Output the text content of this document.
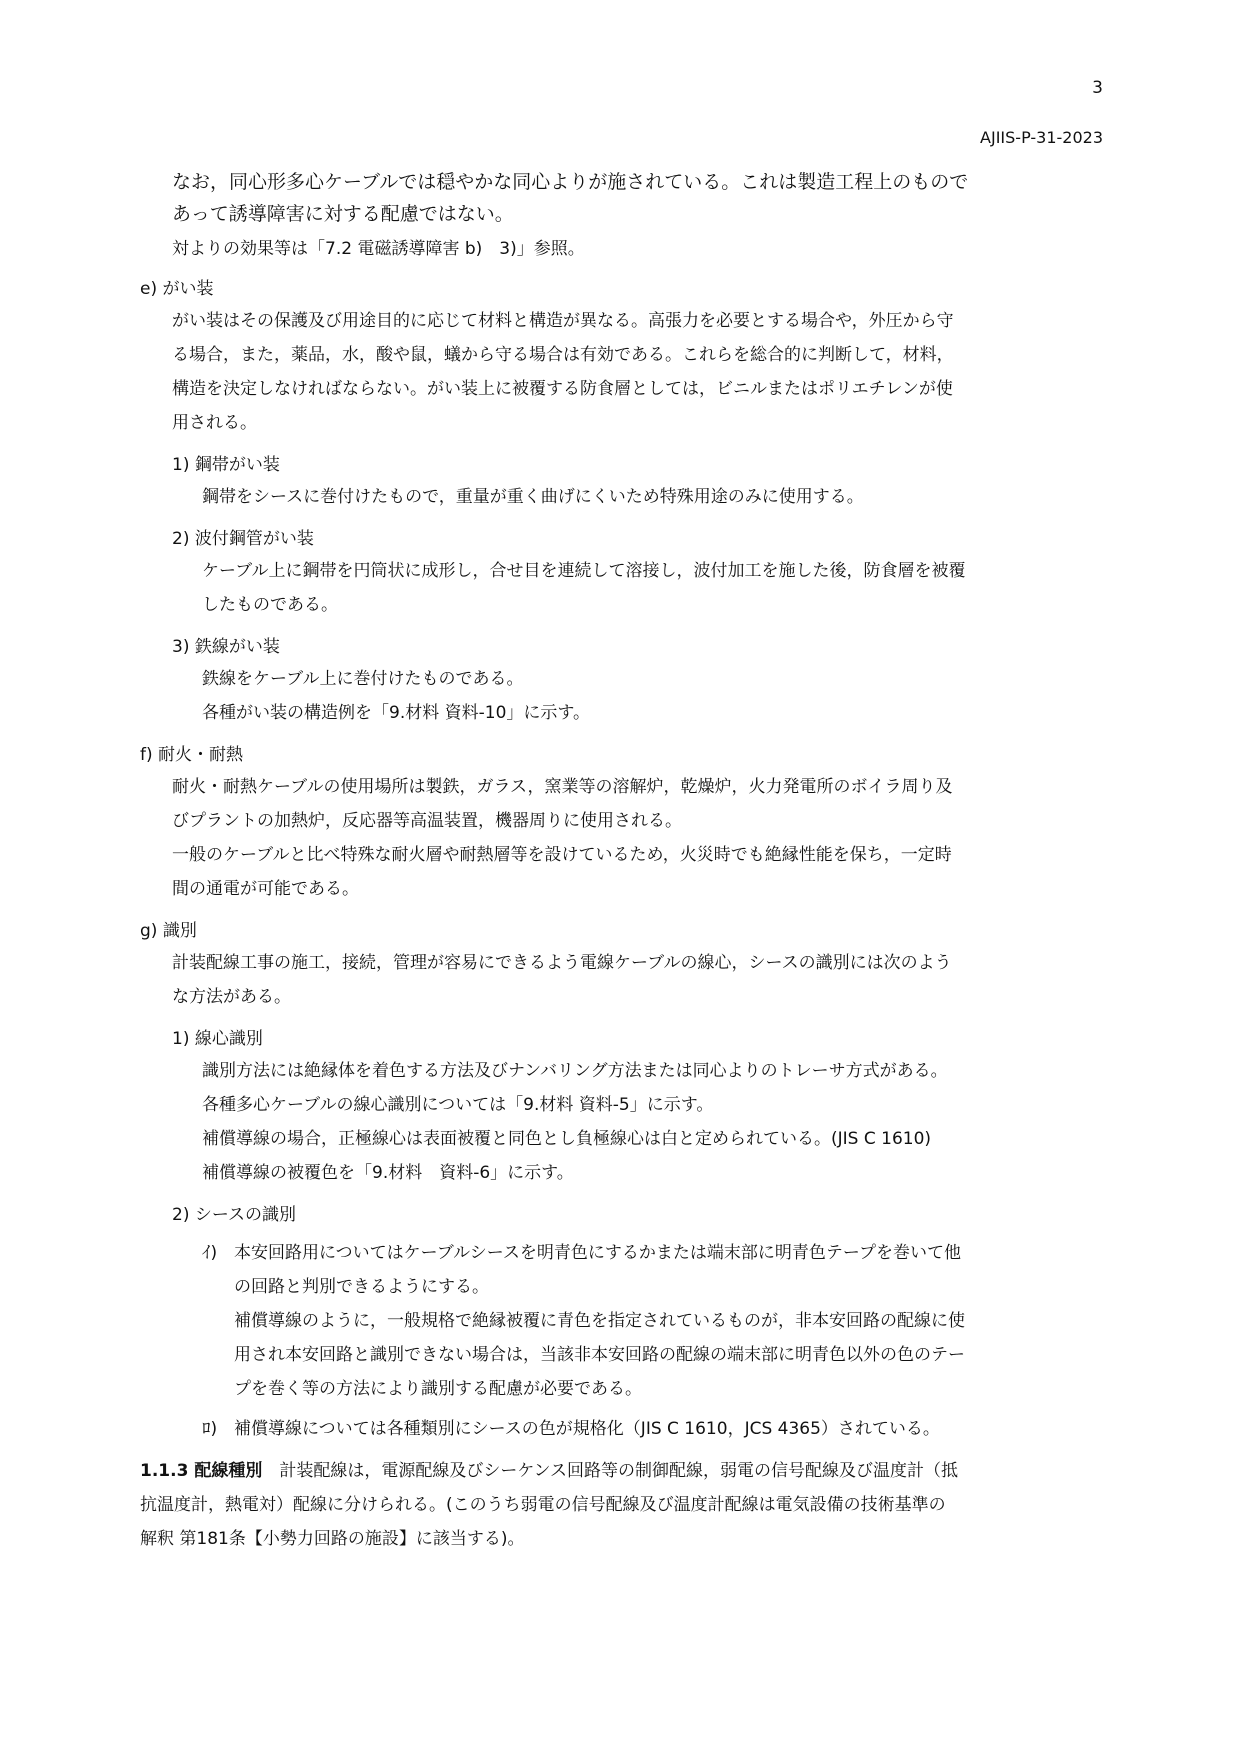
3
AJIIS-P-31-2023

なお，同心形多心ケーブルでは穏やかな同心よりが施されている。これは製造工程上のもので
あって誘導障害に対する配慮ではない。

対よりの効果等は「7.2 電磁誘導障害 b)　3)」参照。

e) がい装

がい装はその保護及び用途目的に応じて材料と構造が異なる。高張力を必要とする場合や，外圧から守
る場合，また，薬品，水，酸や鼠，蟻から守る場合は有効である。これらを総合的に判断して，材料，
構造を決定しなければならない。がい装上に被覆する防食層としては，ビニルまたはポリエチレンが使
用される。

1) 鋼帯がい装

鋼帯をシースに巻付けたもので，重量が重く曲げにくいため特殊用途のみに使用する。

2) 波付鋼管がい装

ケーブル上に鋼帯を円筒状に成形し，合せ目を連続して溶接し，波付加工を施した後，防食層を被覆
したものである。

3) 鉄線がい装

鉄線をケーブル上に巻付けたものである。
各種がい装の構造例を「9.材料 資料-10」に示す。

f) 耐火・耐熱

耐火・耐熱ケーブルの使用場所は製鉄，ガラス，窯業等の溶解炉，乾燥炉，火力発電所のボイラ周り及
びプラントの加熱炉，反応器等高温装置，機器周りに使用される。
一般のケーブルと比べ特殊な耐火層や耐熱層等を設けているため，火災時でも絶縁性能を保ち，一定時
間の通電が可能である。

g) 識別

計装配線工事の施工，接続，管理が容易にできるよう電線ケーブルの線心，シースの識別には次のよう
な方法がある。

1) 線心識別

識別方法には絶縁体を着色する方法及びナンバリング方法または同心よりのトレーサ方式がある。

各種多心ケーブルの線心識別については「9.材料 資料-5」に示す。

補償導線の場合，正極線心は表面被覆と同色とし負極線心は白と定められている。(JIS C 1610)

補償導線の被覆色を「9.材料　資料-6」に示す。

2) シースの識別

ｲ) 本安回路用についてはケーブルシースを明青色にするかまたは端末部に明青色テープを巻いて他
の回路と判別できるようにする。

補償導線のように，一般規格で絶縁被覆に青色を指定されているものが，非本安回路の配線に使
用され本安回路と識別できない場合は，当該非本安回路の配線の端末部に明青色以外の色のテー
プを巻く等の方法により識別する配慮が必要である。

ﾛ) 補償導線については各種類別にシースの色が規格化（JIS C 1610，JCS 4365）されている。

1.1.3 配線種別　計装配線は，電源配線及びシーケンス回路等の制御配線，弱電の信号配線及び温度計（抵
抗温度計，熱電対）配線に分けられる。(このうち弱電の信号配線及び温度計配線は電気設備の技術基準の
解釈 第181条【小勢力回路の施設】に該当する)。
